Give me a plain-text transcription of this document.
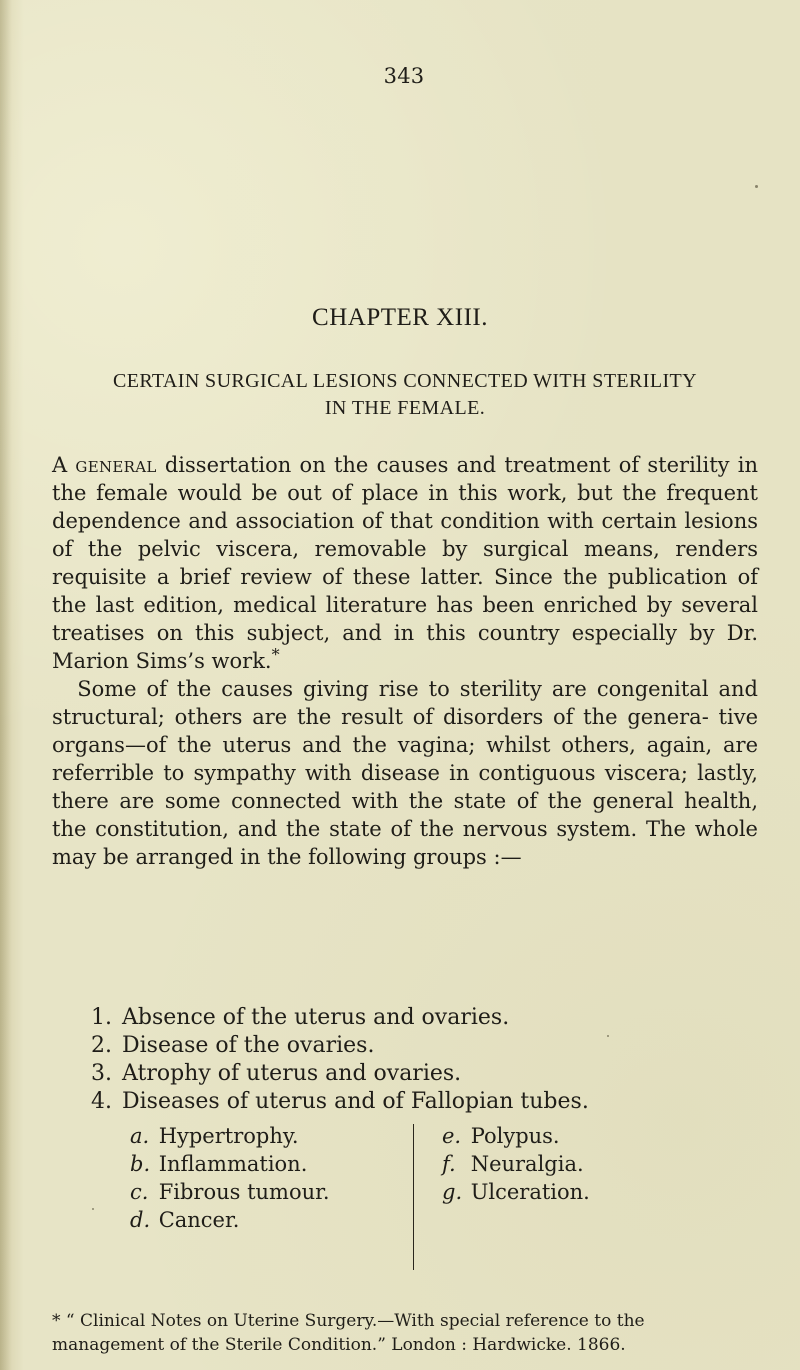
343
CHAPTER XIII.
CERTAIN SURGICAL LESIONS CONNECTED WITH STERILITY
IN THE FEMALE.

A general dissertation on the causes and treatment of sterility in the female would be out of place in this work, but the frequent dependence and association of that condition with certain lesions of the pelvic viscera, removable by surgical means, renders requisite a brief review of these latter. Since the publication of the last edition, medical literature has been enriched by several treatises on this subject, and in this country especially by Dr. Marion Sims’s work.*

Some of the causes giving rise to sterility are congenital and structural; others are the result of disorders of the genera- tive organs—of the uterus and the vagina; whilst others, again, are referrible to sympathy with disease in contiguous viscera; lastly, there are some connected with the state of the general health, the constitution, and the state of the nervous system. The whole may be arranged in the following groups :—

1. Absence of the uterus and ovaries.
2. Disease of the ovaries.
3. Atrophy of uterus and ovaries.
4. Diseases of uterus and of Fallopian tubes.
a. Hypertrophy.
b. Inflammation.
c. Fibrous tumour.
d. Cancer.
e. Polypus.
f. Neuralgia.
g. Ulceration.
* “ Clinical Notes on Uterine Surgery.—With special reference to the
management of the Sterile Condition.” London : Hardwicke. 1866.
